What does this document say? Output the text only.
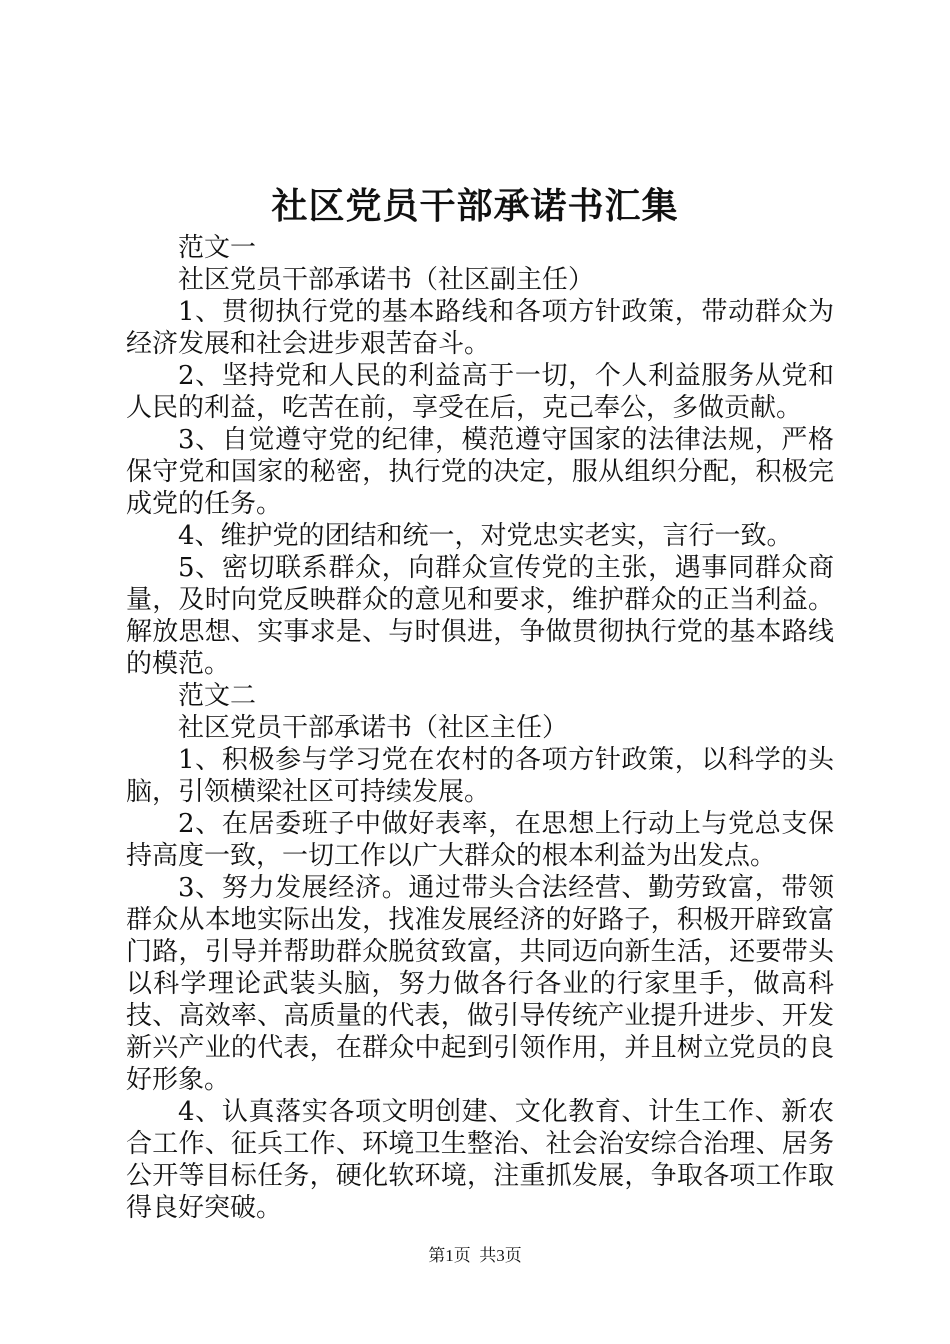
社区党员干部承诺书汇集

范文一

社区党员干部承诺书（社区副主任）

1、贯彻执行党的基本路线和各项方针政策，带动群众为经济发展和社会进步艰苦奋斗。

2、坚持党和人民的利益高于一切，个人利益服务从党和人民的利益，吃苦在前，享受在后，克己奉公，多做贡献。

3、自觉遵守党的纪律，模范遵守国家的法律法规，严格保守党和国家的秘密，执行党的决定，服从组织分配，积极完成党的任务。

4、维护党的团结和统一，对党忠实老实，言行一致。

5、密切联系群众，向群众宣传党的主张，遇事同群众商量，及时向党反映群众的意见和要求，维护群众的正当利益。解放思想、实事求是、与时俱进，争做贯彻执行党的基本路线的模范。

范文二

社区党员干部承诺书（社区主任）

1、积极参与学习党在农村的各项方针政策，以科学的头脑，引领横梁社区可持续发展。

2、在居委班子中做好表率，在思想上行动上与党总支保持高度一致，一切工作以广大群众的根本利益为出发点。

3、努力发展经济。通过带头合法经营、勤劳致富，带领群众从本地实际出发，找准发展经济的好路子，积极开辟致富门路，引导并帮助群众脱贫致富，共同迈向新生活，还要带头以科学理论武装头脑，努力做各行各业的行家里手，做高科技、高效率、高质量的代表，做引导传统产业提升进步、开发新兴产业的代表，在群众中起到引领作用，并且树立党员的良好形象。

4、认真落实各项文明创建、文化教育、计生工作、新农合工作、征兵工作、环境卫生整治、社会治安综合治理、居务公开等目标任务，硬化软环境，注重抓发展，争取各项工作取得良好突破。

第1页  共3页
